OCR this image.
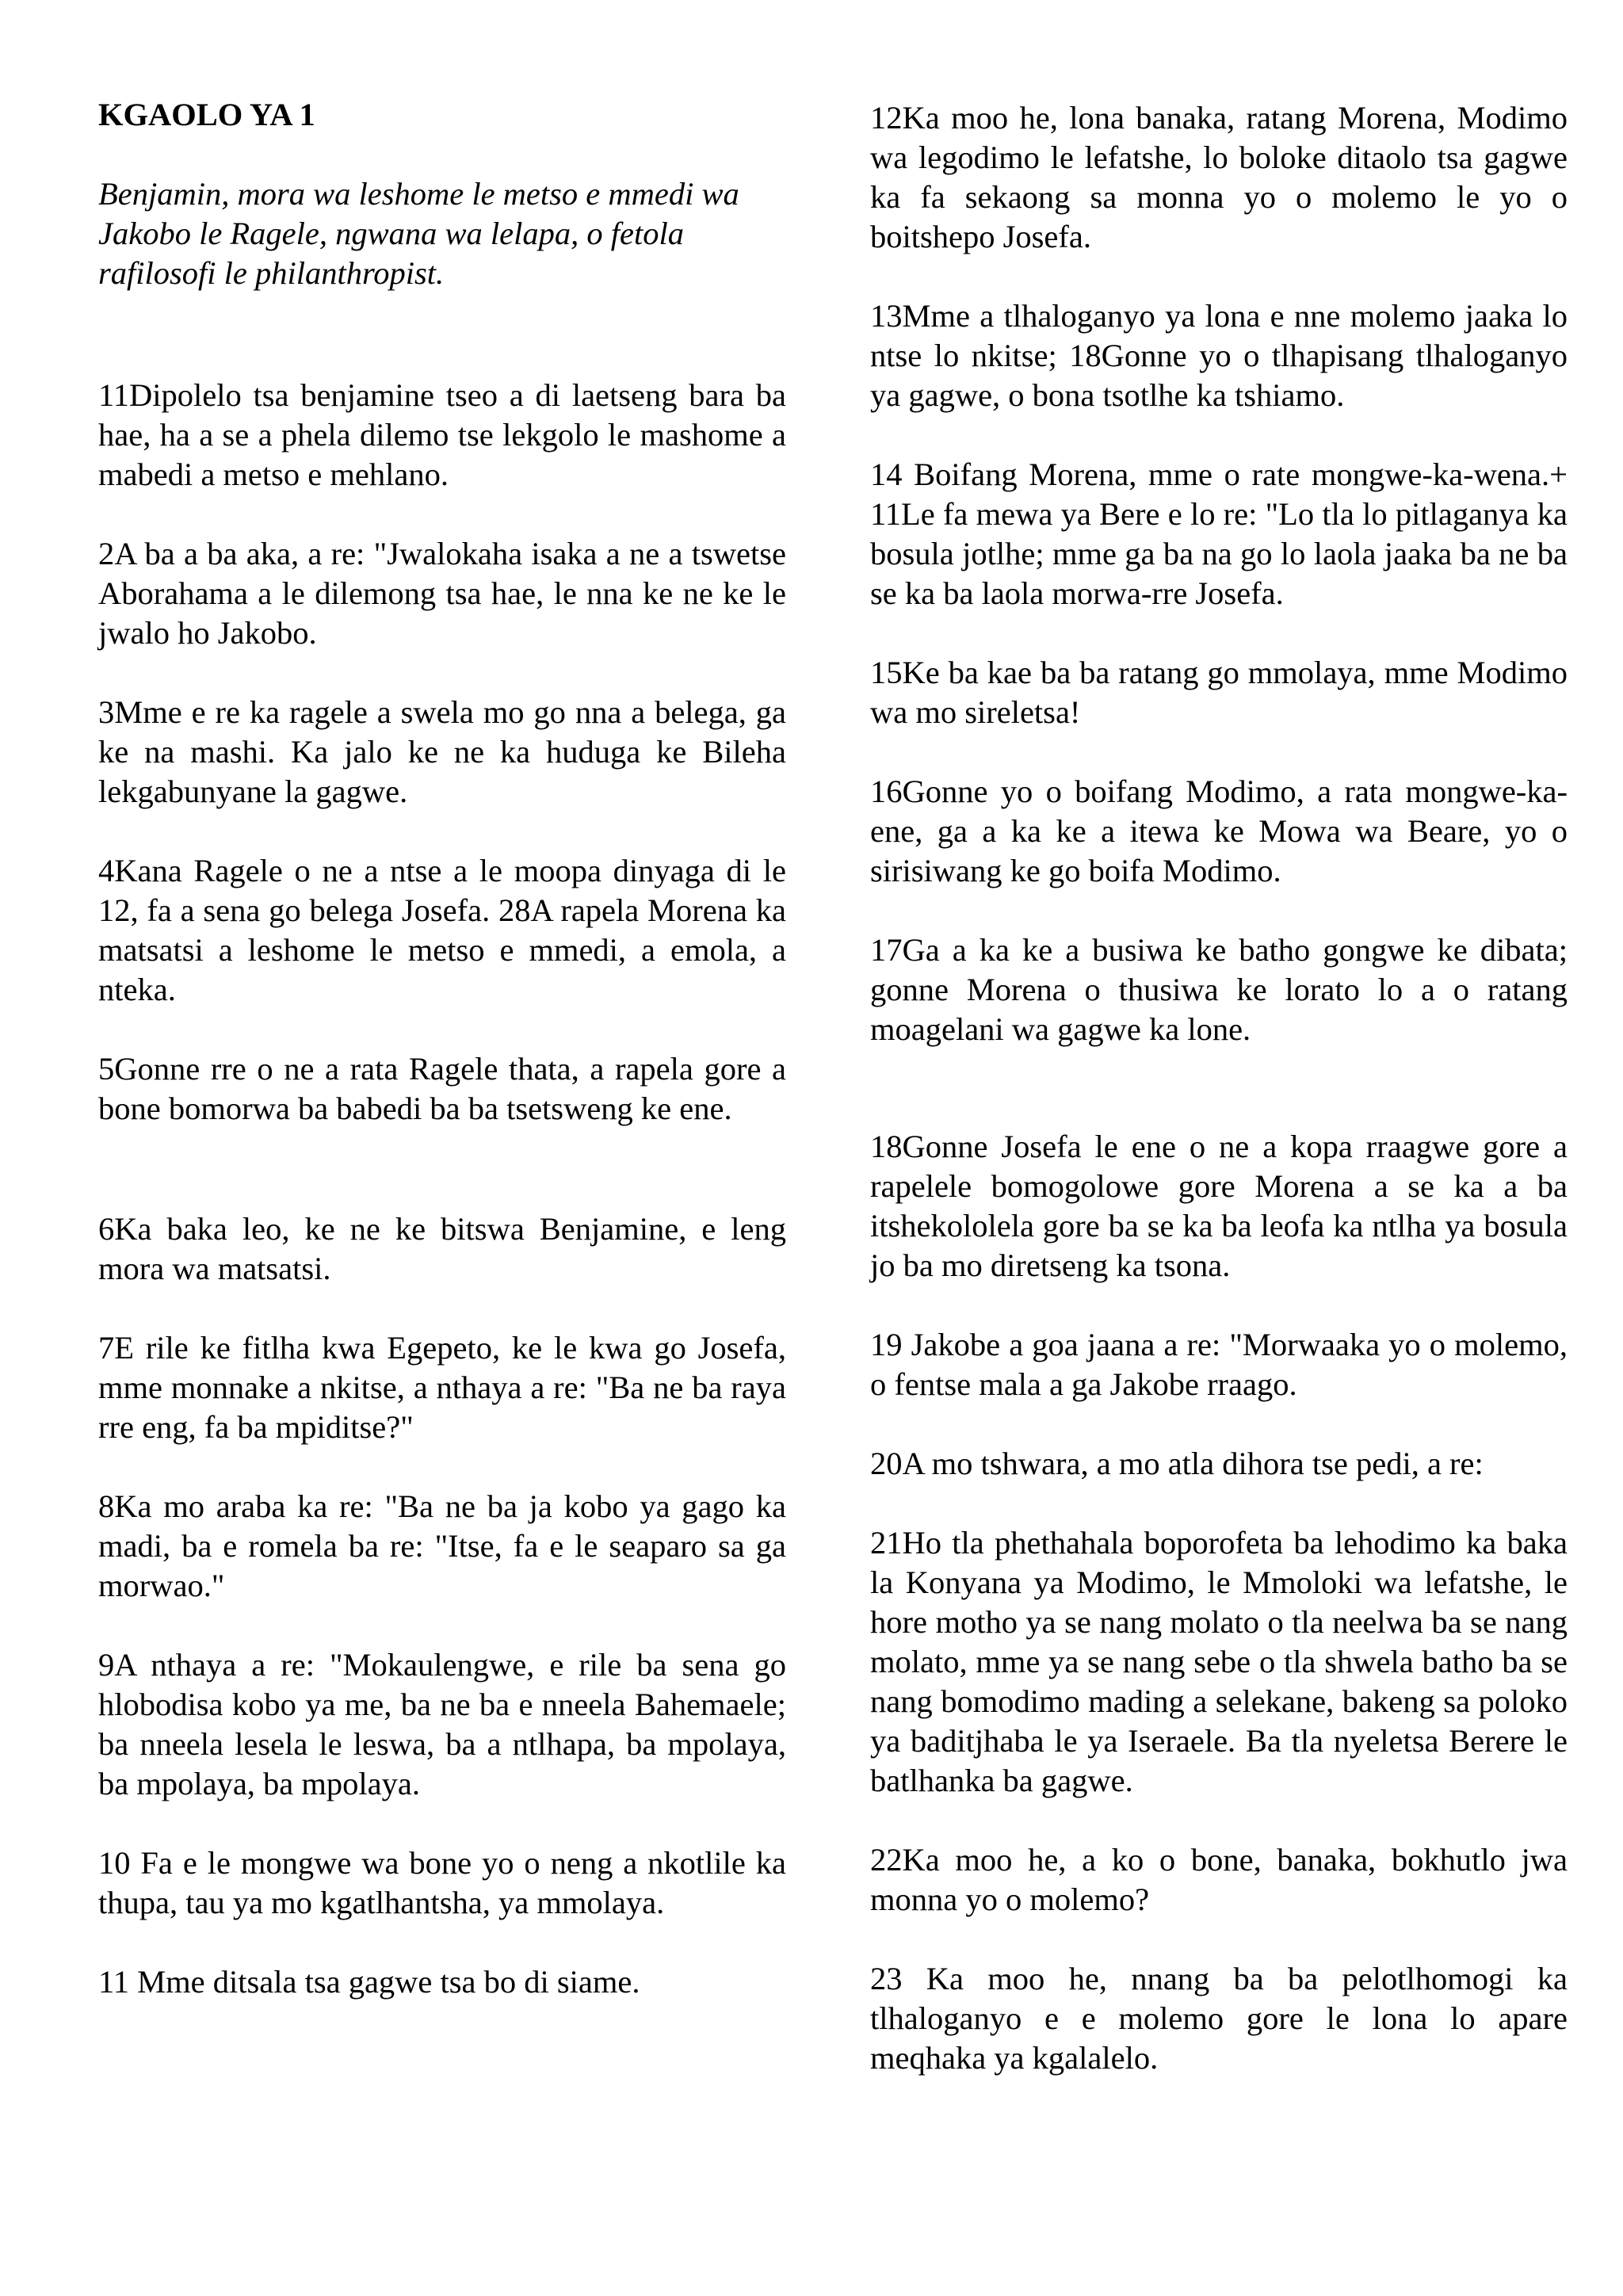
KGAOLO YA 1

Benjamin, mora wa leshome le metso e mmedi wa Jakobo le Ragele, ngwana wa lelapa, o fetola rafilosofi le philanthropist.

11Dipolelo tsa benjamine tseo a di laetseng bara ba hae, ha a se a phela dilemo tse lekgolo le mashome a mabedi a metso e mehlano.

2A ba a ba aka, a re: "Jwalokaha isaka a ne a tswetse Aborahama a le dilemong tsa hae, le nna ke ne ke le jwalo ho Jakobo.

3Mme e re ka ragele a swela mo go nna a belega, ga ke na mashi. Ka jalo ke ne ka huduga ke Bileha lekgabunyane la gagwe.

4Kana Ragele o ne a ntse a le moopa dinyaga di le 12, fa a sena go belega Josefa. 28A rapela Morena ka matsatsi a leshome le metso e mmedi, a emola, a nteka.

5Gonne rre o ne a rata Ragele thata, a rapela gore a bone bomorwa ba babedi ba ba tsetsweng ke ene.

6Ka baka leo, ke ne ke bitswa Benjamine, e leng mora wa matsatsi.

7E rile ke fitlha kwa Egepeto, ke le kwa go Josefa, mme monnake a nkitse, a nthaya a re: "Ba ne ba raya rre eng, fa ba mpiditse?"

8Ka mo araba ka re: "Ba ne ba ja kobo ya gago ka madi, ba e romela ba re: "Itse, fa e le seaparo sa ga morwao."

9A nthaya a re: "Mokaulengwe, e rile ba sena go hlobodisa kobo ya me, ba ne ba e nneela Bahemaele; ba nneela lesela le leswa, ba a ntlhapa, ba mpolaya, ba mpolaya, ba mpolaya.

10 Fa e le mongwe wa bone yo o neng a nkotlile ka thupa, tau ya mo kgatlhantsha, ya mmolaya.

11 Mme ditsala tsa gagwe tsa bo di siame.

12Ka moo he, lona banaka, ratang Morena, Modimo wa legodimo le lefatshe, lo boloke ditaolo tsa gagwe ka fa sekaong sa monna yo o molemo le yo o boitshepo Josefa.

13Mme a tlhaloganyo ya lona e nne molemo jaaka lo ntse lo nkitse; 18Gonne yo o tlhapisang tlhaloganyo ya gagwe, o bona tsotlhe ka tshiamo.

14 Boifang Morena, mme o rate mongwe-ka-wena.+ 11Le fa mewa ya Bere e lo re: "Lo tla lo pitlaganya ka bosula jotlhe; mme ga ba na go lo laola jaaka ba ne ba se ka ba laola morwa-rre Josefa.

15Ke ba kae ba ba ratang go mmolaya, mme Modimo wa mo sireletsa!

16Gonne yo o boifang Modimo, a rata mongwe-ka-ene, ga a ka ke a itewa ke Mowa wa Beare, yo o sirisiwang ke go boifa Modimo.

17Ga a ka ke a busiwa ke batho gongwe ke dibata; gonne Morena o thusiwa ke lorato lo a o ratang moagelani wa gagwe ka lone.

18Gonne Josefa le ene o ne a kopa rraagwe gore a rapelele bomogolowe gore Morena a se ka a ba itshekololela gore ba se ka ba leofa ka ntlha ya bosula jo ba mo diretseng ka tsona.

19 Jakobe a goa jaana a re: "Morwaaka yo o molemo, o fentse mala a ga Jakobe rraago.

20A mo tshwara, a mo atla dihora tse pedi, a re:

21Ho tla phethahala boporofeta ba lehodimo ka baka la Konyana ya Modimo, le Mmoloki wa lefatshe, le hore motho ya se nang molato o tla neelwa ba se nang molato, mme ya se nang sebe o tla shwela batho ba se nang bomodimo mading a selekane, bakeng sa poloko ya baditjhaba le ya Iseraele. Ba tla nyeletsa Berere le batlhanka ba gagwe.

22Ka moo he, a ko o bone, banaka, bokhutlo jwa monna yo o molemo?

23 Ka moo he, nnang ba ba pelotlhomogi ka tlhaloganyo e e molemo gore le lona lo apare meqhaka ya kgalalelo.
